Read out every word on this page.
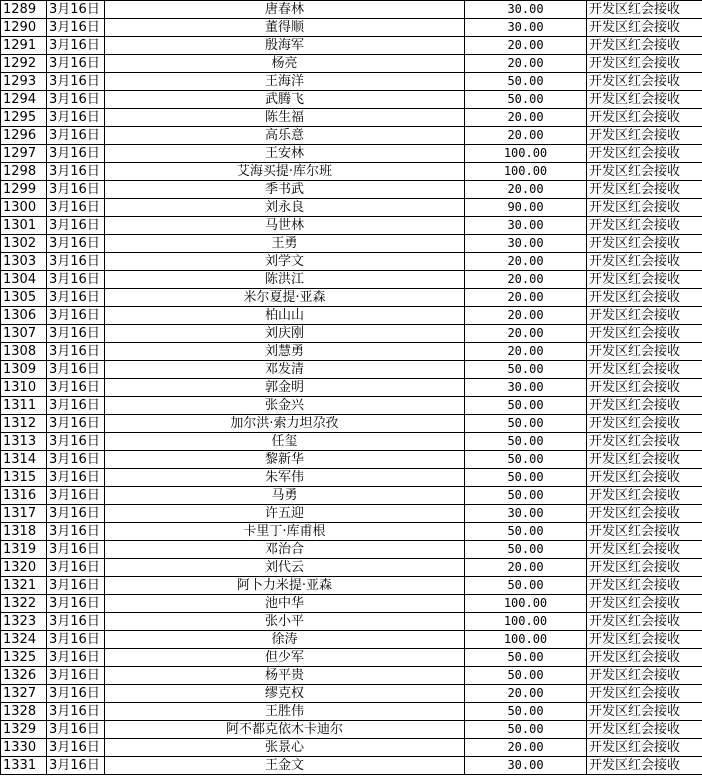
1289	3月16日	唐春林	30.00	开发区红会接收
1290	3月16日	董得顺	30.00	开发区红会接收
1291	3月16日	殷海军	20.00	开发区红会接收
1292	3月16日	杨亮	20.00	开发区红会接收
1293	3月16日	王海洋	50.00	开发区红会接收
1294	3月16日	武腾飞	50.00	开发区红会接收
1295	3月16日	陈生福	20.00	开发区红会接收
1296	3月16日	高乐意	20.00	开发区红会接收
1297	3月16日	王安林	100.00	开发区红会接收
1298	3月16日	艾海买提·库尔班	100.00	开发区红会接收
1299	3月16日	季书武	20.00	开发区红会接收
1300	3月16日	刘永良	90.00	开发区红会接收
1301	3月16日	马世林	30.00	开发区红会接收
1302	3月16日	王勇	30.00	开发区红会接收
1303	3月16日	刘学文	20.00	开发区红会接收
1304	3月16日	陈洪江	20.00	开发区红会接收
1305	3月16日	米尔夏提·亚森	20.00	开发区红会接收
1306	3月16日	柏山山	20.00	开发区红会接收
1307	3月16日	刘庆刚	20.00	开发区红会接收
1308	3月16日	刘慧勇	20.00	开发区红会接收
1309	3月16日	邓发清	50.00	开发区红会接收
1310	3月16日	郭金明	30.00	开发区红会接收
1311	3月16日	张金兴	50.00	开发区红会接收
1312	3月16日	加尔洪·索力坦尕孜	50.00	开发区红会接收
1313	3月16日	任玺	50.00	开发区红会接收
1314	3月16日	黎新华	50.00	开发区红会接收
1315	3月16日	朱军伟	50.00	开发区红会接收
1316	3月16日	马勇	50.00	开发区红会接收
1317	3月16日	许五迎	30.00	开发区红会接收
1318	3月16日	卡里丁·库甫根	50.00	开发区红会接收
1319	3月16日	邓治合	50.00	开发区红会接收
1320	3月16日	刘代云	20.00	开发区红会接收
1321	3月16日	阿卜力米提·亚森	50.00	开发区红会接收
1322	3月16日	池中华	100.00	开发区红会接收
1323	3月16日	张小平	100.00	开发区红会接收
1324	3月16日	徐涛	100.00	开发区红会接收
1325	3月16日	但少军	50.00	开发区红会接收
1326	3月16日	杨平贵	50.00	开发区红会接收
1327	3月16日	缪克权	20.00	开发区红会接收
1328	3月16日	王胜伟	50.00	开发区红会接收
1329	3月16日	阿不都克依木卡迪尔	50.00	开发区红会接收
1330	3月16日	张景心	20.00	开发区红会接收
1331	3月16日	王金文	30.00	开发区红会接收
